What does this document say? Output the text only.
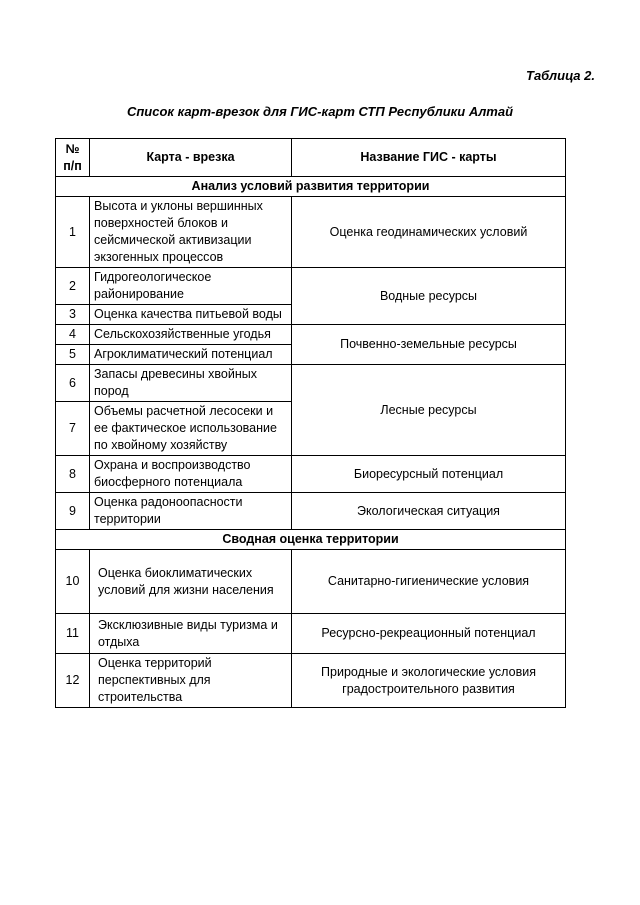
Таблица 2.
Список карт-врезок для ГИС-карт СТП Республики Алтай
№ п/п	Карта - врезка	Название ГИС - карты
Анализ условий развития территории		
1	Высота и уклоны вершинных поверхностей блоков и сейсмической активизации экзогенных процессов	Оценка геодинамических условий
2	Гидрогеологическое районирование	Водные ресурсы
3	Оценка качества питьевой воды	
4	Сельскохозяйственные угодья	Почвенно-земельные ресурсы
5	Агроклиматический потенциал	
6	Запасы древесины хвойных пород	Лесные ресурсы
7	Объемы расчетной лесосеки и ее фактическое использование по хвойному хозяйству	
8	Охрана и воспроизводство биосферного потенциала	Биоресурсный потенциал
9	Оценка радоноопасности территории	Экологическая ситуация
Сводная оценка территории		
10	Оценка биоклиматических условий для жизни населения	Санитарно-гигиенические условия
11	Эксклюзивные виды туризма и отдыха	Ресурсно-рекреационный потенциал
12	Оценка территорий перспективных для строительства	Природные и экологические условия градостроительного развития
